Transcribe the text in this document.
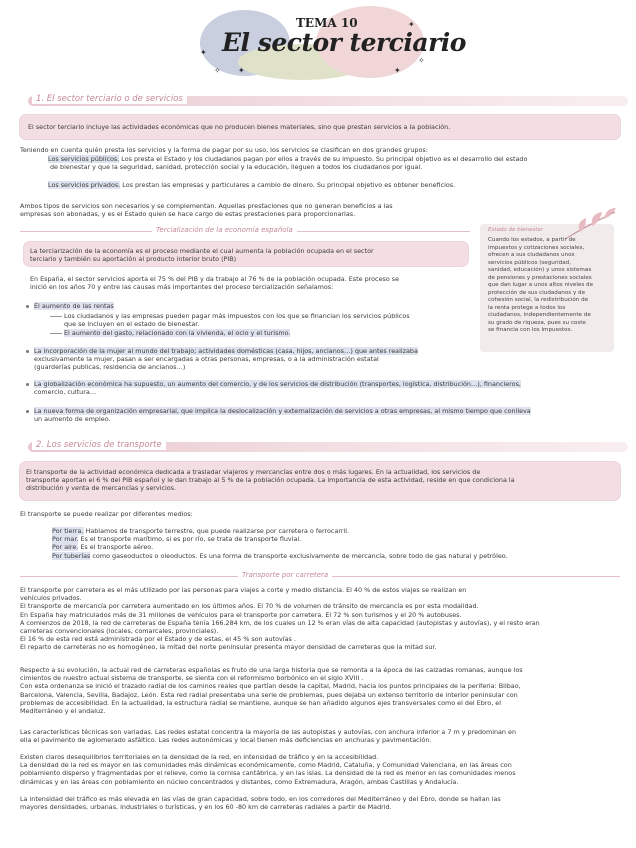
✦
✧
✦
✧
✦
✦
TEMA 10
El sector terciario
1. El sector terciario o de servicios
El sector terciario incluye las actividades económicas que no producen bienes materiales, sino que prestan servicios a la población.
Teniendo en cuenta quién presta los servicios y la forma de pagar por su uso, los servicios se clasifican en dos grandes grupos:
Los servicios públicos. Los presta el Estado y los ciudadanos pagan por ellos a través de su impuesto. Su principal objetivo es el desarrollo del estado
de bienestar y que la seguridad, sanidad, protección social y la educación, lleguen a todos los ciudadanos por igual.
Los servicios privados. Los prestan las empresas y particulares a cambio de dinero. Su principal objetivo es obtener beneficios.
Ambos tipos de servicios son necesarios y se complementan. Aquellas prestaciones que no generan beneficios a las
empresas son abonadas, y es el Estado quien se hace cargo de estas prestaciones para proporcionarlas.
Tercialización de la economía española
La terciarización de la economía es el proceso mediante el cual aumenta la población ocupada en el sector
terciario y también su aportación al producto interior bruto (PIB)
En España, el sector servicios aporta el 75 % del PIB y da trabajo al 76 % de la población ocupada. Este proceso se
inició en los años 70 y entre las causas más importantes del proceso tercialización señalamos:
El aumento de las rentas
Los ciudadanos y las empresas pueden pagar más impuestos con los que se financian los servicios públicos
que se incluyen en el estado de bienestar.
El aumento del gasto, relacionado con la vivienda, el ocio y el turismo.
La incorporación de la mujer al mundo del trabajo; actividades domésticas (casa, hijos, ancianos…) que antes realizaba
exclusivamente la mujer, pasan a ser encargadas a otras personas, empresas, o a la administración estatal
(guarderías publicas, residencia de ancianos…)
La globalización económica ha supuesto, un aumento del comercio, y de los servicios de distribución (transportes, logística, distribución…), financieros,
comercio, cultura…
La nueva forma de organización empresarial, que implica la deslocalización y externalización de servicios a otras empresas, al mismo tiempo que conlleva
un aumento de empleo.
Estado de bienestar
Cuando los estados, a partir de
impuestos y cotizaciones sociales,
ofrecen a sus ciudadanos unos
servicios públicos (seguridad,
sanidad, educación) y unos sistemas
de pensiones y prestaciones sociales
que dan lugar a unos altos niveles de
protección de sus ciudadanos y de
cohesión social, la redistribución de
la renta protege a todos los
ciudadanos, independientemente de
su grado de riqueza, pues su coste
se financia con los impuestos.
2. Los servicios de transporte
El transporte de la actividad económica dedicada a trasladar viajeros y mercancías entre dos o más lugares. En la actualidad, los servicios de
transporte aportan el 6 % del PIB español y le dan trabajo al 5 % de la población ocupada. La importancia de esta actividad, reside en que condiciona la
distribución y venta de mercancías y servicios.
El transporte se puede realizar por diferentes medios:
Por tierra. Hablamos de transporte terrestre, que puede realizarse por carretera o ferrocarril.
Por mar. Es el transporte marítimo, si es por río, se trata de transporte fluvial.
Por aire. Es el transporte aéreo.
Por tuberías como gaseoductos o oleoductos. Es una forma de transporte exclusivamente de mercancía, sobre todo de gas natural y petróleo.
Transporte por carretera
El transporte por carretera es el más utilizado por las personas para viajes a corte y medio distancia. El 40 % de estos viajes se realizan en
vehículos privados.
El transporte de mercancía por carretera aumentado en los últimos años. El 70 % de volumen de tránsito de mercancía es por esta modalidad.
En España hay matriculados más de 31 millones de vehículos para el transporte por carretera. El 72 % son turismos y el 20 % autobuses.
A comienzos de 2018, la red de carreteras de España tenía 166.284 km, de los cuales un 12 % eran vías de alta capacidad (autopistas y autovías), y el resto eran
carreteras convencionales (locales, comarcales, provinciales).
El 16 % de esta red está administrada por el Estado y de estas, el 45 % son autovías .
El reparto de carreteras no es homogéneo, la mitad del norte peninsular presenta mayor densidad de carreteras que la mitad sur.
Respecto a su evolución, la actual red de carreteras españolas es fruto de una larga historia que se remonta a la época de las calzadas romanas, aunque los
cimientos de nuestro actual sistema de transporte, se sienta con el reformismo borbónico en el siglo XVIII .
Con esta ordenanza se inició el trazado radial de los caminos reales que partían desde la capital, Madrid, hacia los puntos principales de la periferia: Bilbao,
Barcelona, Valencia, Sevilla, Badajoz, León. Esta red radial presentaba una serie de problemas, pues dejaba un extenso territorio de interior peninsular con
problemas de accesibilidad. En la actualidad, la estructura radial se mantiene, aunque se han añadido algunos ejes transversales como el del Ebro, el
Mediterráneo y el andaluz.
Las características técnicas son variadas. Las redes estatal concentra la mayoría de las autopistas y autovías, con anchura inferior a 7 m y predominan en
ella el pavimento de aglomerado asfáltico. Las redes autonómicas y local tienen más deficiencias en anchuras y pavimentación.
Existen claros desequilibrios territoriales en la densidad de la red, en intensidad de tráfico y en la accesibilidad.
La densidad de la red es mayor en las comunidades más dinámicas económicamente, como Madrid, Cataluña, y Comunidad Valenciana, en las áreas con
poblamiento disperso y fragmentadas por el relieve, como la cornisa cantábrica, y en las islas. La densidad de la red es menor en las comunidades menos
dinámicas y en las áreas con poblamiento en núcleo concentrados y distantes, como Extremadura, Aragón, ambas Castillas y Andalucía.
La intensidad del tráfico es más elevada en las vías de gran capacidad, sobre todo, en los corredores del Mediterráneo y del Ebro, donde se hallan las
mayores densidades, urbanas, industriales o turísticas, y en los 60 -80 km de carreteras radiales a partir de Madrid.
